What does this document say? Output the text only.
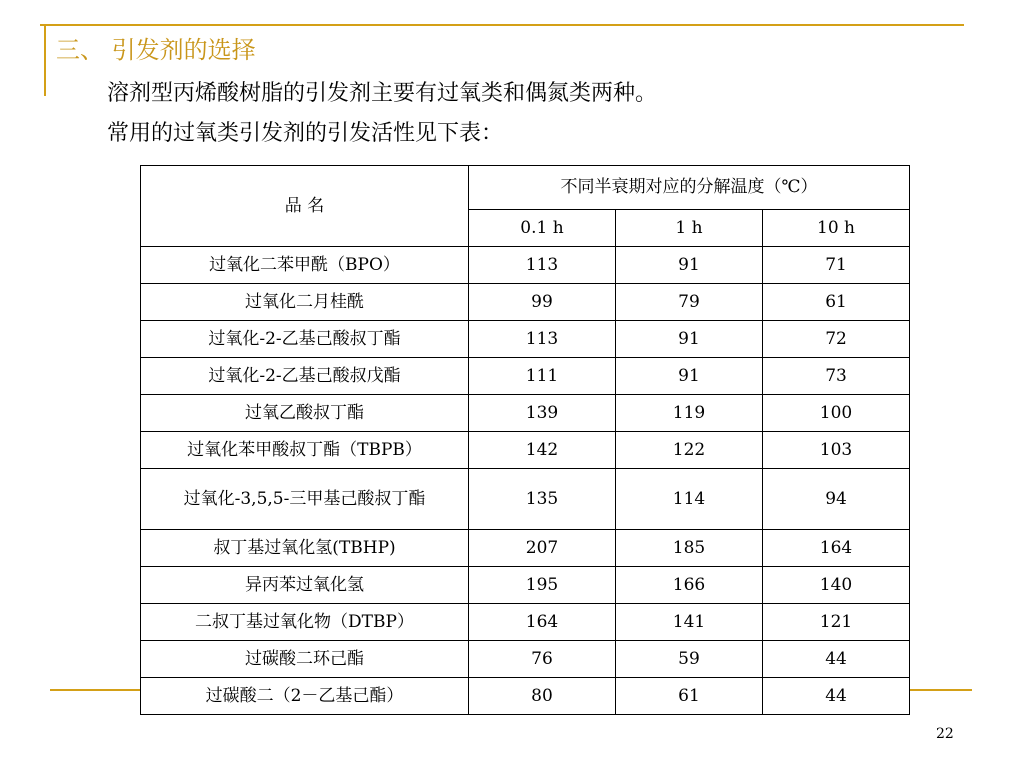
三、 引发剂的选择
溶剂型丙烯酸树脂的引发剂主要有过氧类和偶氮类两种。
常用的过氧类引发剂的引发活性见下表：
品 名	不同半衰期对应的分解温度（℃）		
	0.1 h	1 h	10 h
过氧化二苯甲酰（BPO）	113	91	71
过氧化二月桂酰	99	79	61
过氧化-2-乙基己酸叔丁酯	113	91	72
过氧化-2-乙基己酸叔戊酯	111	91	73
过氧乙酸叔丁酯	139	119	100
过氧化苯甲酸叔丁酯（TBPB）	142	122	103
过氧化-3,5,5-三甲基己酸叔丁酯	135	114	94
叔丁基过氧化氢(TBHP)	207	185	164
异丙苯过氧化氢	195	166	140
二叔丁基过氧化物（DTBP）	164	141	121
过碳酸二环己酯	76	59	44
过碳酸二（2－乙基己酯）	80	61	44
22
